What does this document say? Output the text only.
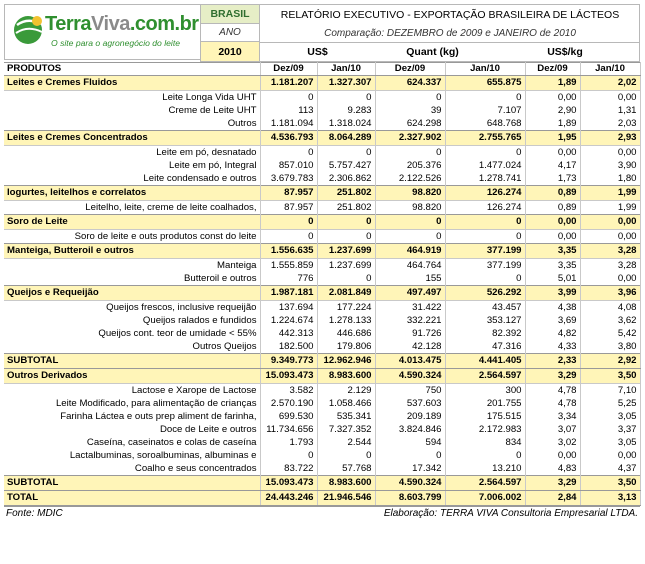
TerraViva.com.br
O site para o agronegócio do leite
BRASIL
ANO
2010
RELATÓRIO EXECUTIVO - EXPORTAÇÃO BRASILEIRA DE LÁCTEOS
Comparação: DEZEMBRO de 2009 e JANEIRO de 2010
US$	Quant (kg)	US$/kg
PRODUTOS	Dez/09	Jan/10	Dez/09	Jan/10	Dez/09	Jan/10
Leites e Cremes Fluidos	1.181.207	1.327.307	624.337	655.875	1,89	2,02
Leite Longa Vida UHT	0	0	0	0	0,00	0,00
Creme de Leite UHT	113	9.283	39	7.107	2,90	1,31
Outros	1.181.094	1.318.024	624.298	648.768	1,89	2,03
Leites e Cremes Concentrados	4.536.793	8.064.289	2.327.902	2.755.765	1,95	2,93
Leite em pó, desnatado	0	0	0	0	0,00	0,00
Leite em pó, Integral	857.010	5.757.427	205.376	1.477.024	4,17	3,90
Leite condensado e outros	3.679.783	2.306.862	2.122.526	1.278.741	1,73	1,80
Iogurtes, leitelhos e correlatos	87.957	251.802	98.820	126.274	0,89	1,99
Leitelho, leite, creme de leite coalhados,	87.957	251.802	98.820	126.274	0,89	1,99
Soro de Leite	0	0	0	0	0,00	0,00
Soro de leite e outs produtos const do leite	0	0	0	0	0,00	0,00
Manteiga, Butteroil e outros	1.556.635	1.237.699	464.919	377.199	3,35	3,28
Manteiga	1.555.859	1.237.699	464.764	377.199	3,35	3,28
Butteroil e outros	776	0	155	0	5,01	0,00
Queijos e Requeijão	1.987.181	2.081.849	497.497	526.292	3,99	3,96
Queijos frescos, inclusive requeijão	137.694	177.224	31.422	43.457	4,38	4,08
Queijos ralados e fundidos	1.224.674	1.278.133	332.221	353.127	3,69	3,62
Queijos cont. teor de umidade < 55%	442.313	446.686	91.726	82.392	4,82	5,42
Outros Queijos	182.500	179.806	42.128	47.316	4,33	3,80
SUBTOTAL	9.349.773	12.962.946	4.013.475	4.441.405	2,33	2,92
Outros Derivados	15.093.473	8.983.600	4.590.324	2.564.597	3,29	3,50
Lactose e Xarope de Lactose	3.582	2.129	750	300	4,78	7,10
Leite Modificado, para alimentação de crianças	2.570.190	1.058.466	537.603	201.755	4,78	5,25
Farinha Láctea e outs prep aliment de farinha,	699.530	535.341	209.189	175.515	3,34	3,05
Doce de Leite e outros	11.734.656	7.327.352	3.824.846	2.172.983	3,07	3,37
Caseína, caseinatos e colas de caseína	1.793	2.544	594	834	3,02	3,05
Lactalbuminas, soroalbuminas, albuminas e	0	0	0	0	0,00	0,00
Coalho e seus concentrados	83.722	57.768	17.342	13.210	4,83	4,37
SUBTOTAL	15.093.473	8.983.600	4.590.324	2.564.597	3,29	3,50
TOTAL	24.443.246	21.946.546	8.603.799	7.006.002	2,84	3,13
Fonte: MDIC	Elaboração: TERRA VIVA Consultoria Empresarial LTDA.
